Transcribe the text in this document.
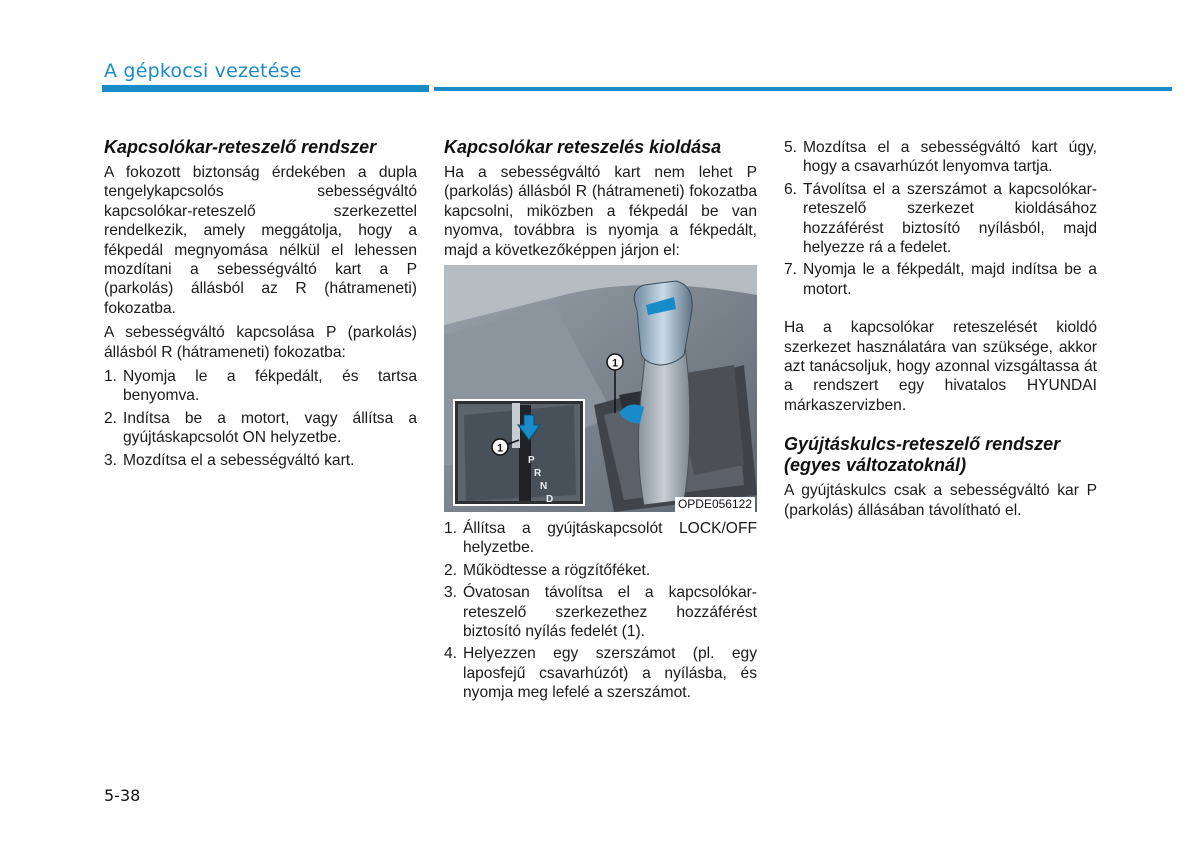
A gépkocsi vezetése
Kapcsolókar-reteszelő rendszer

A fokozott biztonság érdekében a dupla tengelykapcsolós sebességváltó kapcsolókar-reteszelő szerkezettel rendelkezik, amely meggátolja, hogy a fékpedál megnyomása nélkül el lehessen mozdítani a sebességváltó kart a P (parkolás) állásból az R (hátrameneti) fokozatba.

A sebességváltó kapcsolása P (parkolás) állásból R (hátrameneti) fokozatba:

1. Nyomja le a fékpedált, és tartsa benyomva.
2. Indítsa be a motort, vagy állítsa a gyújtáskapcsolót ON helyzetbe.
3. Mozdítsa el a sebességváltó kart.
Kapcsolókar reteszelés kioldása

Ha a sebességváltó kart nem lehet P (parkolás) állásból R (hátrameneti) fokozatba kapcsolni, miközben a fékpedál be van nyomva, továbbra is nyomja a fékpedált, majd a következőképpen járjon el:

1
P
R
N
D
1
OPDE056122
1. Állítsa a gyújtáskapcsolót LOCK/OFF helyzetbe.
2. Működtesse a rögzítőféket.
3. Óvatosan távolítsa el a kapcsolókar-reteszelő szerkezethez hozzáférést biztosító nyílás fedelét (1).
4. Helyezzen egy szerszámot (pl. egy laposfejű csavarhúzót) a nyílásba, és nyomja meg lefelé a szerszámot.
5. Mozdítsa el a sebességváltó kart úgy, hogy a csavarhúzót lenyomva tartja.
6. Távolítsa el a szerszámot a kapcsolókar-reteszelő szerkezet kioldásához hozzáférést biztosító nyílásból, majd helyezze rá a fedelet.
7. Nyomja le a fékpedált, majd indítsa be a motort.

Ha a kapcsolókar reteszelését kioldó szerkezet használatára van szüksége, akkor azt tanácsoljuk, hogy azonnal vizsgáltassa át a rendszert egy hivatalos HYUNDAI márkaszervizben.

Gyújtáskulcs-reteszelő rendszer (egyes változatoknál)

A gyújtáskulcs csak a sebességváltó kar P (parkolás) állásában távolítható el.

5-38
